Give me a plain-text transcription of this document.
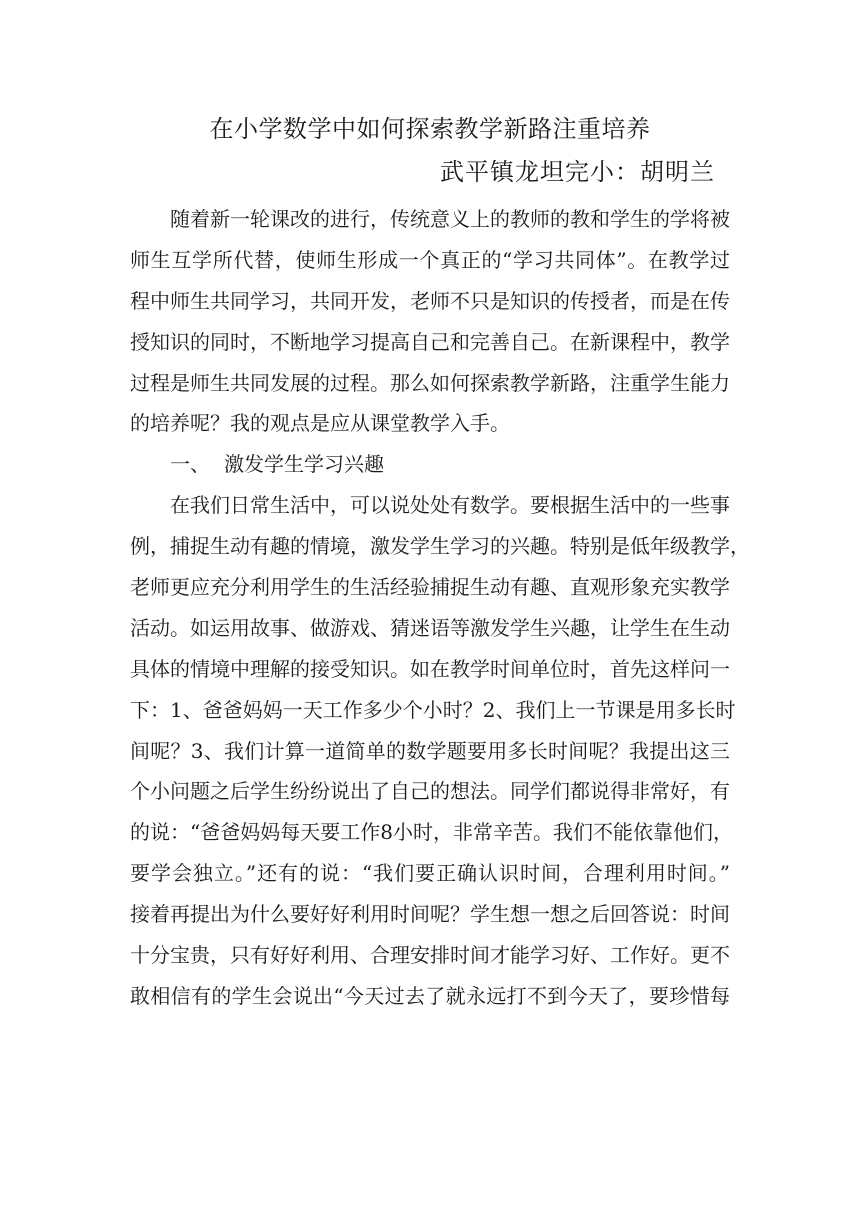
在小学数学中如何探索教学新路注重培养
武平镇龙坦完小：胡明兰
随着新一轮课改的进行，传统意义上的教师的教和学生的学将被
师生互学所代替，使师生形成一个真正的“学习共同体”。在教学过
程中师生共同学习，共同开发，老师不只是知识的传授者，而是在传
授知识的同时，不断地学习提高自己和完善自己。在新课程中，教学
过程是师生共同发展的过程。那么如何探索教学新路，注重学生能力
的培养呢？我的观点是应从课堂教学入手。
一、 激发学生学习兴趣
在我们日常生活中，可以说处处有数学。要根据生活中的一些事
例，捕捉生动有趣的情境，激发学生学习的兴趣。特别是低年级教学，
老师更应充分利用学生的生活经验捕捉生动有趣、直观形象充实教学
活动。如运用故事、做游戏、猜迷语等激发学生兴趣，让学生在生动
具体的情境中理解的接受知识。如在教学时间单位时，首先这样问一
下：1、爸爸妈妈一天工作多少个小时？2、我们上一节课是用多长时
间呢？3、我们计算一道简单的数学题要用多长时间呢？我提出这三
个小问题之后学生纷纷说出了自己的想法。同学们都说得非常好，有
的说：“爸爸妈妈每天要工作8小时，非常辛苦。我们不能依靠他们，
要学会独立。”还有的说：“我们要正确认识时间，合理利用时间。”
接着再提出为什么要好好利用时间呢？学生想一想之后回答说：时间
十分宝贵，只有好好利用、合理安排时间才能学习好、工作好。更不
敢相信有的学生会说出“今天过去了就永远打不到今天了，要珍惜每
